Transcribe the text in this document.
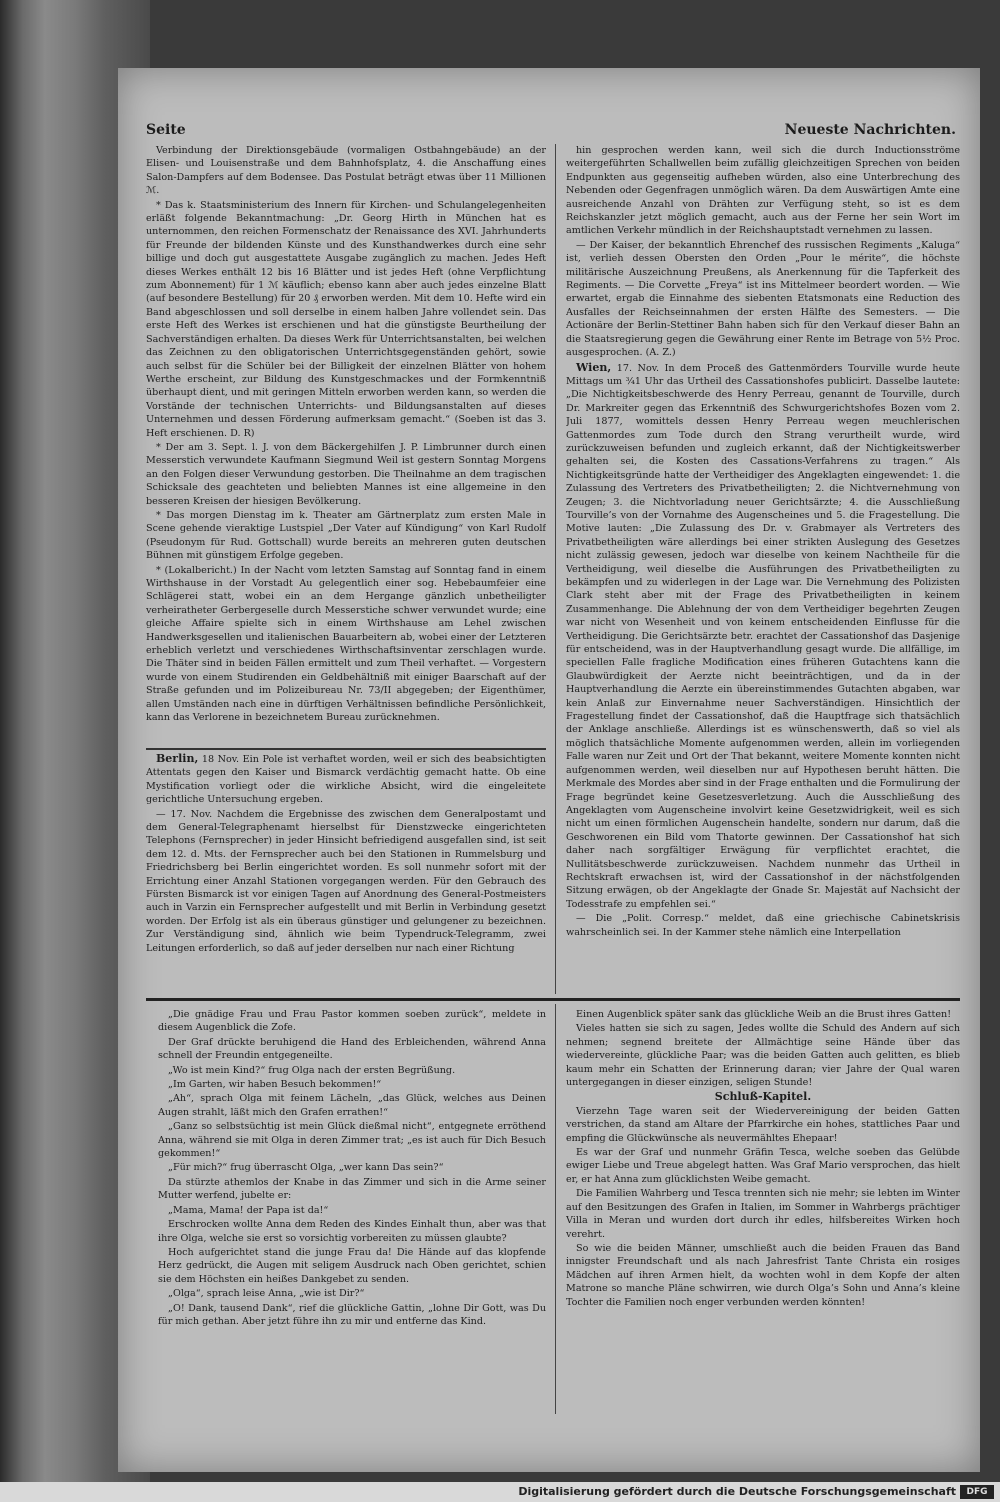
Seite	Neueste Nachrichten.

Verbindung der Direktionsgebäude (vormaligen Ostbahngebäude) an der Elisen- und Louisenstraße und dem Bahnhofsplatz, 4. die Anschaffung eines Salon-Dampfers auf dem Bodensee. Das Postulat beträgt etwas über 11 Millionen ℳ.

* Das k. Staatsministerium des Innern für Kirchen- und Schulangelegenheiten erläßt folgende Bekanntmachung: „Dr. Georg Hirth in München hat es unternommen, den reichen Formenschatz der Renaissance des XVI. Jahrhunderts für Freunde der bildenden Künste und des Kunsthandwerkes durch eine sehr billige und doch gut ausgestattete Ausgabe zugänglich zu machen. Jedes Heft dieses Werkes enthält 12 bis 16 Blätter und ist jedes Heft (ohne Verpflichtung zum Abonnement) für 1 ℳ käuflich; ebenso kann aber auch jedes einzelne Blatt (auf besondere Bestellung) für 20 ₰ erworben werden. Mit dem 10. Hefte wird ein Band abgeschlossen und soll derselbe in einem halben Jahre vollendet sein. Das erste Heft des Werkes ist erschienen und hat die günstigste Beurtheilung der Sachverständigen erhalten. Da dieses Werk für Unterrichtsanstalten, bei welchen das Zeichnen zu den obligatorischen Unterrichtsgegenständen gehört, sowie auch selbst für die Schüler bei der Billigkeit der einzelnen Blätter von hohem Werthe erscheint, zur Bildung des Kunstgeschmackes und der Formkenntniß überhaupt dient, und mit geringen Mitteln erworben werden kann, so werden die Vorstände der technischen Unterrichts- und Bildungsanstalten auf dieses Unternehmen und dessen Förderung aufmerksam gemacht.“ (Soeben ist das 3. Heft erschienen. D. R)

* Der am 3. Sept. l. J. von dem Bäckergehilfen J. P. Limbrunner durch einen Messerstich verwundete Kaufmann Siegmund Weil ist gestern Sonntag Morgens an den Folgen dieser Verwundung gestorben. Die Theilnahme an dem tragischen Schicksale des geachteten und beliebten Mannes ist eine allgemeine in den besseren Kreisen der hiesigen Bevölkerung.

* Das morgen Dienstag im k. Theater am Gärtnerplatz zum ersten Male in Scene gehende vieraktige Lustspiel „Der Vater auf Kündigung“ von Karl Rudolf (Pseudonym für Rud. Gottschall) wurde bereits an mehreren guten deutschen Bühnen mit günstigem Erfolge gegeben.

* (Lokalbericht.) In der Nacht vom letzten Samstag auf Sonntag fand in einem Wirthshause in der Vorstadt Au gelegentlich einer sog. Hebebaumfeier eine Schlägerei statt, wobei ein an dem Hergange gänzlich unbetheiligter verheiratheter Gerbergeselle durch Messerstiche schwer verwundet wurde; eine gleiche Affaire spielte sich in einem Wirthshause am Lehel zwischen Handwerksgesellen und italienischen Bauarbeitern ab, wobei einer der Letzteren erheblich verletzt und verschiedenes Wirthschaftsinventar zerschlagen wurde. Die Thäter sind in beiden Fällen ermittelt und zum Theil verhaftet. — Vorgestern wurde von einem Studirenden ein Geldbehältniß mit einiger Baarschaft auf der Straße gefunden und im Polizeibureau Nr. 73/II abgegeben; der Eigenthümer, allen Umständen nach eine in dürftigen Verhältnissen befindliche Persönlichkeit, kann das Verlorene in bezeichnetem Bureau zurücknehmen.

Berlin, 18 Nov. Ein Pole ist verhaftet worden, weil er sich des beabsichtigten Attentats gegen den Kaiser und Bismarck verdächtig gemacht hatte. Ob eine Mystification vorliegt oder die wirkliche Absicht, wird die eingeleitete gerichtliche Untersuchung ergeben.

— 17. Nov. Nachdem die Ergebnisse des zwischen dem Generalpostamt und dem General-Telegraphenamt hierselbst für Dienstzwecke eingerichteten Telephons (Fernsprecher) in jeder Hinsicht befriedigend ausgefallen sind, ist seit dem 12. d. Mts. der Fernsprecher auch bei den Stationen in Rummelsburg und Friedrichsberg bei Berlin eingerichtet worden. Es soll nunmehr sofort mit der Errichtung einer Anzahl Stationen vorgegangen werden. Für den Gebrauch des Fürsten Bismarck ist vor einigen Tagen auf Anordnung des General-Postmeisters auch in Varzin ein Fernsprecher aufgestellt und mit Berlin in Verbindung gesetzt worden. Der Erfolg ist als ein überaus günstiger und gelungener zu bezeichnen. Zur Verständigung sind, ähnlich wie beim Typendruck-Telegramm, zwei Leitungen erforderlich, so daß auf jeder derselben nur nach einer Richtung

hin gesprochen werden kann, weil sich die durch Inductionsströme weitergeführten Schallwellen beim zufällig gleichzeitigen Sprechen von beiden Endpunkten aus gegenseitig aufheben würden, also eine Unterbrechung des Nebenden oder Gegenfragen unmöglich wären. Da dem Auswärtigen Amte eine ausreichende Anzahl von Drähten zur Verfügung steht, so ist es dem Reichskanzler jetzt möglich gemacht, auch aus der Ferne her sein Wort im amtlichen Verkehr mündlich in der Reichshauptstadt vernehmen zu lassen.

— Der Kaiser, der bekanntlich Ehrenchef des russischen Regiments „Kaluga“ ist, verlieh dessen Obersten den Orden „Pour le mérite“, die höchste militärische Auszeichnung Preußens, als Anerkennung für die Tapferkeit des Regiments. — Die Corvette „Freya“ ist ins Mittelmeer beordert worden. — Wie erwartet, ergab die Einnahme des siebenten Etatsmonats eine Reduction des Ausfalles der Reichseinnahmen der ersten Hälfte des Semesters. — Die Actionäre der Berlin-Stettiner Bahn haben sich für den Verkauf dieser Bahn an die Staatsregierung gegen die Gewährung einer Rente im Betrage von 5½ Proc. ausgesprochen. (A. Z.)

Wien, 17. Nov. In dem Proceß des Gattenmörders Tourville wurde heute Mittags um ¾1 Uhr das Urtheil des Cassationshofes publicirt. Dasselbe lautete: „Die Nichtigkeitsbeschwerde des Henry Perreau, genannt de Tourville, durch Dr. Markreiter gegen das Erkenntniß des Schwurgerichtshofes Bozen vom 2. Juli 1877, womittels dessen Henry Perreau wegen meuchlerischen Gattenmordes zum Tode durch den Strang verurtheilt wurde, wird zurückzuweisen befunden und zugleich erkannt, daß der Nichtigkeitswerber gehalten sei, die Kosten des Cassations-Verfahrens zu tragen.“ Als Nichtigkeitsgründe hatte der Vertheidiger des Angeklagten eingewendet: 1. die Zulassung des Vertreters des Privatbetheiligten; 2. die Nichtvernehmung von Zeugen; 3. die Nichtvorladung neuer Gerichtsärzte; 4. die Ausschließung Tourville’s von der Vornahme des Augenscheines und 5. die Fragestellung. Die Motive lauten: „Die Zulassung des Dr. v. Grabmayer als Vertreters des Privatbetheiligten wäre allerdings bei einer strikten Auslegung des Gesetzes nicht zulässig gewesen, jedoch war dieselbe von keinem Nachtheile für die Vertheidigung, weil dieselbe die Ausführungen des Privatbetheiligten zu bekämpfen und zu widerlegen in der Lage war. Die Vernehmung des Polizisten Clark steht aber mit der Frage des Privatbetheiligten in keinem Zusammenhange. Die Ablehnung der von dem Vertheidiger begehrten Zeugen war nicht von Wesenheit und von keinem entscheidenden Einflusse für die Vertheidigung. Die Gerichtsärzte betr. erachtet der Cassationshof das Dasjenige für entscheidend, was in der Hauptverhandlung gesagt wurde. Die allfällige, im speciellen Falle fragliche Modification eines früheren Gutachtens kann die Glaubwürdigkeit der Aerzte nicht beeinträchtigen, und da in der Hauptverhandlung die Aerzte ein übereinstimmendes Gutachten abgaben, war kein Anlaß zur Einvernahme neuer Sachverständigen. Hinsichtlich der Fragestellung findet der Cassationshof, daß die Hauptfrage sich thatsächlich der Anklage anschließe. Allerdings ist es wünschenswerth, daß so viel als möglich thatsächliche Momente aufgenommen werden, allein im vorliegenden Falle waren nur Zeit und Ort der That bekannt, weitere Momente konnten nicht aufgenommen werden, weil dieselben nur auf Hypothesen beruht hätten. Die Merkmale des Mordes aber sind in der Frage enthalten und die Formulirung der Frage begründet keine Gesetzesverletzung. Auch die Ausschließung des Angeklagten vom Augenscheine involvirt keine Gesetzwidrigkeit, weil es sich nicht um einen förmlichen Augenschein handelte, sondern nur darum, daß die Geschworenen ein Bild vom Thatorte gewinnen. Der Cassationshof hat sich daher nach sorgfältiger Erwägung für verpflichtet erachtet, die Nullitätsbeschwerde zurückzuweisen. Nachdem nunmehr das Urtheil in Rechtskraft erwachsen ist, wird der Cassationshof in der nächstfolgenden Sitzung erwägen, ob der Angeklagte der Gnade Sr. Majestät auf Nachsicht der Todesstrafe zu empfehlen sei.“

— Die „Polit. Corresp.“ meldet, daß eine griechische Cabinetskrisis wahrscheinlich sei. In der Kammer stehe nämlich eine Interpellation

„Die gnädige Frau und Frau Pastor kommen soeben zurück“, meldete in diesem Augenblick die Zofe.

Der Graf drückte beruhigend die Hand des Erbleichenden, während Anna schnell der Freundin entgegeneilte.

„Wo ist mein Kind?“ frug Olga nach der ersten Begrüßung.

„Im Garten, wir haben Besuch bekommen!“

„Ah“, sprach Olga mit feinem Lächeln, „das Glück, welches aus Deinen Augen strahlt, läßt mich den Grafen errathen!“

„Ganz so selbstsüchtig ist mein Glück dießmal nicht“, entgegnete erröthend Anna, während sie mit Olga in deren Zimmer trat; „es ist auch für Dich Besuch gekommen!“

„Für mich?“ frug überrascht Olga, „wer kann Das sein?“

Da stürzte athemlos der Knabe in das Zimmer und sich in die Arme seiner Mutter werfend, jubelte er:

„Mama, Mama! der Papa ist da!“

Erschrocken wollte Anna dem Reden des Kindes Einhalt thun, aber was that ihre Olga, welche sie erst so vorsichtig vorbereiten zu müssen glaubte?

Hoch aufgerichtet stand die junge Frau da! Die Hände auf das klopfende Herz gedrückt, die Augen mit seligem Ausdruck nach Oben gerichtet, schien sie dem Höchsten ein heißes Dankgebet zu senden.

„Olga“, sprach leise Anna, „wie ist Dir?“

„O! Dank, tausend Dank“, rief die glückliche Gattin, „lohne Dir Gott, was Du für mich gethan. Aber jetzt führe ihn zu mir und entferne das Kind.

Einen Augenblick später sank das glückliche Weib an die Brust ihres Gatten!

Vieles hatten sie sich zu sagen, Jedes wollte die Schuld des Andern auf sich nehmen; segnend breitete der Allmächtige seine Hände über das wiedervereinte, glückliche Paar; was die beiden Gatten auch gelitten, es blieb kaum mehr ein Schatten der Erinnerung daran; vier Jahre der Qual waren untergegangen in dieser einzigen, seligen Stunde!

Schluß-Kapitel.

Vierzehn Tage waren seit der Wiedervereinigung der beiden Gatten verstrichen, da stand am Altare der Pfarrkirche ein hohes, stattliches Paar und empfing die Glückwünsche als neuvermähltes Ehepaar!

Es war der Graf und nunmehr Gräfin Tesca, welche soeben das Gelübde ewiger Liebe und Treue abgelegt hatten. Was Graf Mario versprochen, das hielt er, er hat Anna zum glücklichsten Weibe gemacht.

Die Familien Wahrberg und Tesca trennten sich nie mehr; sie lebten im Winter auf den Besitzungen des Grafen in Italien, im Sommer in Wahrbergs prächtiger Villa in Meran und wurden dort durch ihr edles, hilfsbereites Wirken hoch verehrt.

So wie die beiden Männer, umschließt auch die beiden Frauen das Band innigster Freundschaft und als nach Jahresfrist Tante Christa ein rosiges Mädchen auf ihren Armen hielt, da wochten wohl in dem Kopfe der alten Matrone so manche Pläne schwirren, wie durch Olga’s Sohn und Anna’s kleine Tochter die Familien noch enger verbunden werden könnten!

Digitalisierung gefördert durch die Deutsche Forschungsgemeinschaft	DFG
